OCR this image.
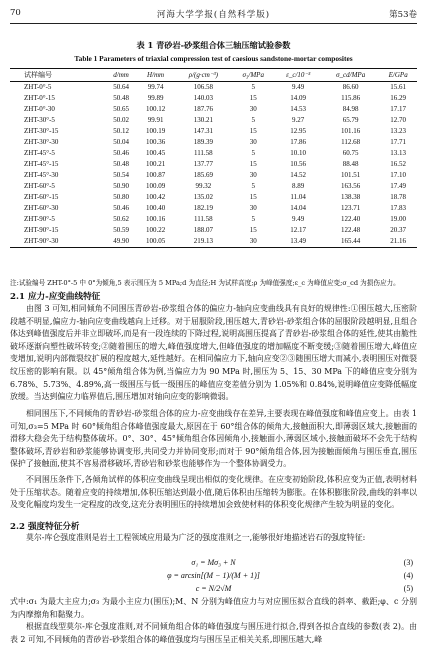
70	河海大学学报(自然科学版)	第53卷
表 1 青砂岩-砂浆组合体三轴压缩试验参数
Table 1 Parameters of triaxial compression test of caesious sandstone-mortar composites
试样编号	d/mm	H/mm	ρ/(g·cm⁻³)	σ₃/MPa	ε_c/10⁻³	σ_cd/MPa	E/GPa
ZHT-0°-5	50.64	99.74	106.58	5	9.49	86.60	15.61
ZHT-0°-15	50.48	99.89	140.03	15	14.09	115.86	16.29
ZHT-0°-30	50.65	100.12	187.76	30	14.53	84.98	17.17
ZHT-30°-5	50.02	99.91	130.21	5	9.27	65.79	12.70
ZHT-30°-15	50.12	100.19	147.31	15	12.95	101.16	13.23
ZHT-30°-30	50.04	100.36	189.39	30	17.86	112.68	17.71
ZHT-45°-5	50.46	100.45	111.58	5	10.10	60.75	13.13
ZHT-45°-15	50.48	100.21	137.77	15	10.56	88.48	16.52
ZHT-45°-30	50.54	100.87	185.69	30	14.52	101.51	17.10
ZHT-60°-5	50.90	100.09	99.32	5	8.89	163.56	17.49
ZHT-60°-15	50.80	100.42	135.02	15	11.04	138.38	18.78
ZHT-60°-30	50.46	100.40	182.19	30	14.04	123.71	17.83
ZHT-90°-5	50.62	100.16	111.58	5	9.49	122.40	19.00
ZHT-90°-15	50.59	100.22	188.07	15	12.17	122.48	20.37
ZHT-90°-30	49.90	100.05	219.13	30	13.49	165.44	21.16
注:试验编号 ZHT-0°-5 中 0°为倾角,5 表示围压为 5 MPa;d 为直径;H 为试样高度;ρ 为峰值强度;ε_c 为峰值应变;σ_cd 为损伤应力。
2.1 应力-应变曲线特征

由图 3 可知,相同倾角不同围压青砂岩-砂浆组合体的偏应力-轴向应变曲线具有良好的规律性:①围压越大,压密阶段越不明显,偏应力-轴向应变曲线越向上迁移。对于屈服阶段,围压越大,青砂岩-砂浆组合体的屈服阶段越明显,且组合体达到峰值强度后并非立即破坏,而是有一段连续的下降过程,说明高围压提高了青砂岩-砂浆组合体的延性,使其由脆性破坏逐渐向塑性破坏转变;②随着围压的增大,峰值强度增大,但峰值强度的增加幅度不断变缓;③随着围压增大,峰值应变增加,说明内部微裂纹扩展的程度越大,延性越好。在相同偏应力下,轴向应变②③随围压增大而减小,表明围压对微裂纹压密的影响有限。以 45°倾角组合体为例,当偏应力为 90 MPa 时,围压为 5、15、30 MPa 下的峰值应变分别为 6.78%、5.73%、4.89%,高一级围压与低一级围压的峰值应变差值分别为 1.05%和 0.84%,说明峰值应变降低幅度放缓。当达到偏应力临界值后,围压增加对轴向应变的影响微弱。

相同围压下,不同倾角的青砂岩-砂浆组合体的应力-应变曲线存在差异,主要表现在峰值强度和峰值应变上。由表 1 可知,σ₃=5 MPa 时 60°倾角组合体峰值强度最大,原因在于 60°组合体的倾角大,接触面积大,即薄弱区域大,接触面的滑移大稳会先于结构整体破坏。0°、30°、45°倾角组合体因倾角小,接触面小,薄弱区域小,接触面破坏不会先于结构整体破坏,青砂岩和砂浆能够协调变形,共同受力并协同变形;而对于 90°倾角组合体,因为接触面倾角与围压垂直,围压保护了接触面,使其不容易滑移破坏,青砂岩和砂浆也能够作为一个整体协调受力。

不同围压条件下,各倾角试样的体积应变曲线呈现出相似的变化规律。在应变初始阶段,体积应变为正值,表明材料处于压缩状态。随着应变的持续增加,体积压缩达到最小值,随后体积由压缩转为膨胀。在体积膨胀阶段,曲线的斜率以及变化幅度均发生一定程度的改变,这充分表明围压的持续增加会致使材料的体积变化规律产生较为明显的变化。

2.2 强度特征分析

莫尔-库仑强度准则是岩土工程领域应用最为广泛的强度准则之一,能够很好地描述岩石的强度特征:

σ₁ = Mσ₃ + N	(3)
φ = arcsin[(M − 1)/(M + 1)]	(4)
c = N/2√M	(5)

式中:σ₁ 为最大主应力;σ₃ 为最小主应力(围压);M、N 分别为峰值应力与对应围压拟合直线的斜率、截距;φ、c 分别为内摩擦角和黏聚力。

根据直线型莫尔-库仑强度准则,对不同倾角组合体的峰值强度与围压进行拟合,得到各拟合直线的参数(表 2)。由表 2 可知,不同倾角的青砂岩-砂浆组合体的峰值强度均与围压呈正相关关系,即围压越大,峰
